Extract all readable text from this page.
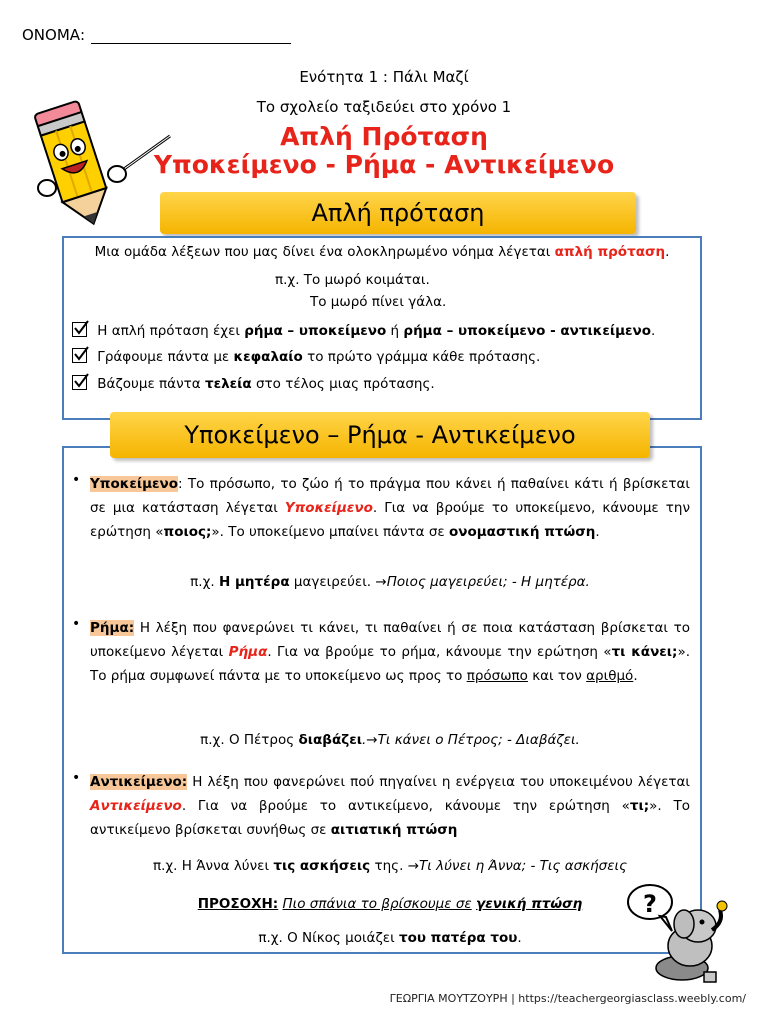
ΟΝΟΜΑ:
Ενότητα 1 : Πάλι Μαζί
Το σχολείο ταξιδεύει στο χρόνο 1
Απλή Πρόταση
Υποκείμενο - Ρήμα - Αντικείμενο
Απλή πρόταση
Μια ομάδα λέξεων που μας δίνει ένα ολοκληρωμένο νόημα λέγεται απλή πρόταση.
π.χ. Το μωρό κοιμάται.
Το μωρό πίνει γάλα.
Η απλή πρόταση έχει ρήμα – υποκείμενο ή ρήμα – υποκείμενο - αντικείμενο.
Γράφουμε πάντα με κεφαλαίο το πρώτο γράμμα κάθε πρότασης.
Βάζουμε πάντα τελεία στο τέλος μιας πρότασης.
Υποκείμενο – Ρήμα - Αντικείμενο
• Υποκείμενο: Το πρόσωπο, το ζώο ή το πράγμα που κάνει ή παθαίνει κάτι ή βρίσκεται σε μια κατάσταση λέγεται Υποκείμενο. Για να βρούμε το υποκείμενο, κάνουμε την ερώτηση «ποιος;». Το υποκείμενο μπαίνει πάντα σε ονομαστική πτώση.
π.χ. Η μητέρα μαγειρεύει. →Ποιος μαγειρεύει; - Η μητέρα.
• Ρήμα: Η λέξη που φανερώνει τι κάνει, τι παθαίνει ή σε ποια κατάσταση βρίσκεται το υποκείμενο λέγεται Ρήμα. Για να βρούμε το ρήμα, κάνουμε την ερώτηση «τι κάνει;». Το ρήμα συμφωνεί πάντα με το υποκείμενο ως προς το πρόσωπο και τον αριθμό.
π.χ. Ο Πέτρος διαβάζει.→Τι κάνει ο Πέτρος; - Διαβάζει.
• Αντικείμενο: Η λέξη που φανερώνει πού πηγαίνει η ενέργεια του υποκειμένου λέγεται Αντικείμενο. Για να βρούμε το αντικείμενο, κάνουμε την ερώτηση «τι;». Το αντικείμενο βρίσκεται συνήθως σε αιτιατική πτώση
π.χ. Η Άννα λύνει τις ασκήσεις της. →Τι λύνει η Άννα; - Τις ασκήσεις
ΠΡΟΣΟΧΗ: Πιο σπάνια το βρίσκουμε σε γενική πτώση
π.χ. Ο Νίκος μοιάζει του πατέρα του.
?
ΓΕΩΡΓΙΑ ΜΟΥΤΖΟΥΡΗ | https://teachergeorgiasclass.weebly.com/
